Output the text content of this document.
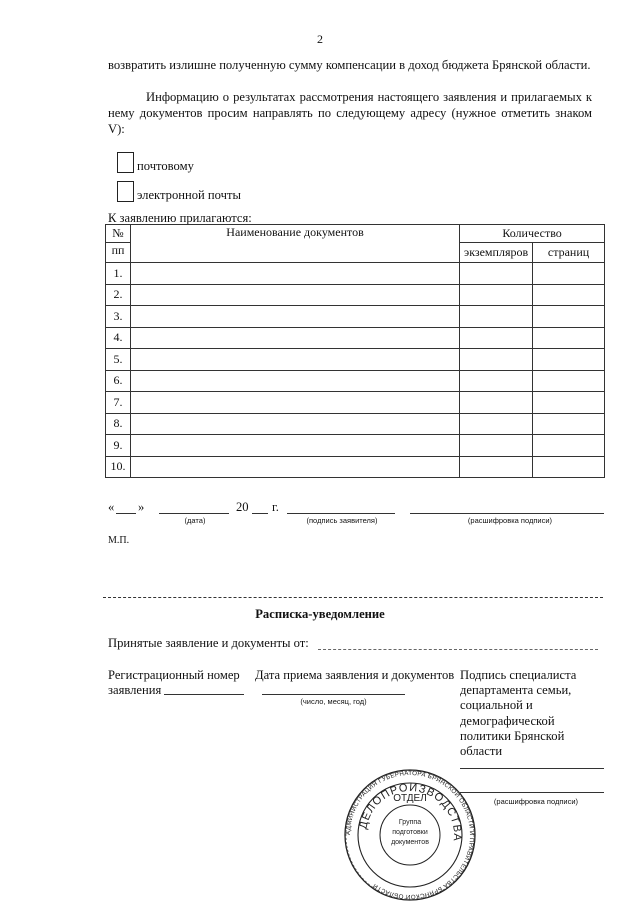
2
возвратить излишне полученную сумму компенсации в доход бюджета Брянской области.
Информацию о результатах рассмотрения настоящего заявления и прилагаемых к нему документов просим направлять по следующему адресу (нужное отметить знаком V):
почтовому
электронной почты
К заявлению прилагаются:
№	Наименование документов	Количество	
пп		экземпляров	страниц
1.			
2.			
3.			
4.			
5.			
6.			
7.			
8.			
9.			
10.			
« »	20 г.
(дата)	(подпись заявителя)	(расшифровка подписи)
М.П.
Расписка-уведомление
Принятые заявление и документы от:
Регистрационный номер
заявления
Дата приема заявления и документов
(число, месяц, год)
Подпись специалиста
департамента семьи,
социальной и
демографической
политики Брянской
области
(расшифровка подписи)
АДМИНИСТРАЦИЯ ГУБЕРНАТОРА БРЯНСКОЙ ОБЛАСТИ И ПРАВИТЕЛЬСТВА БРЯНСКОЙ ОБЛАСТИ
ДЕЛОПРОИЗВОДСТВА
ОТДЕЛ
Группа
подготовки
документов
